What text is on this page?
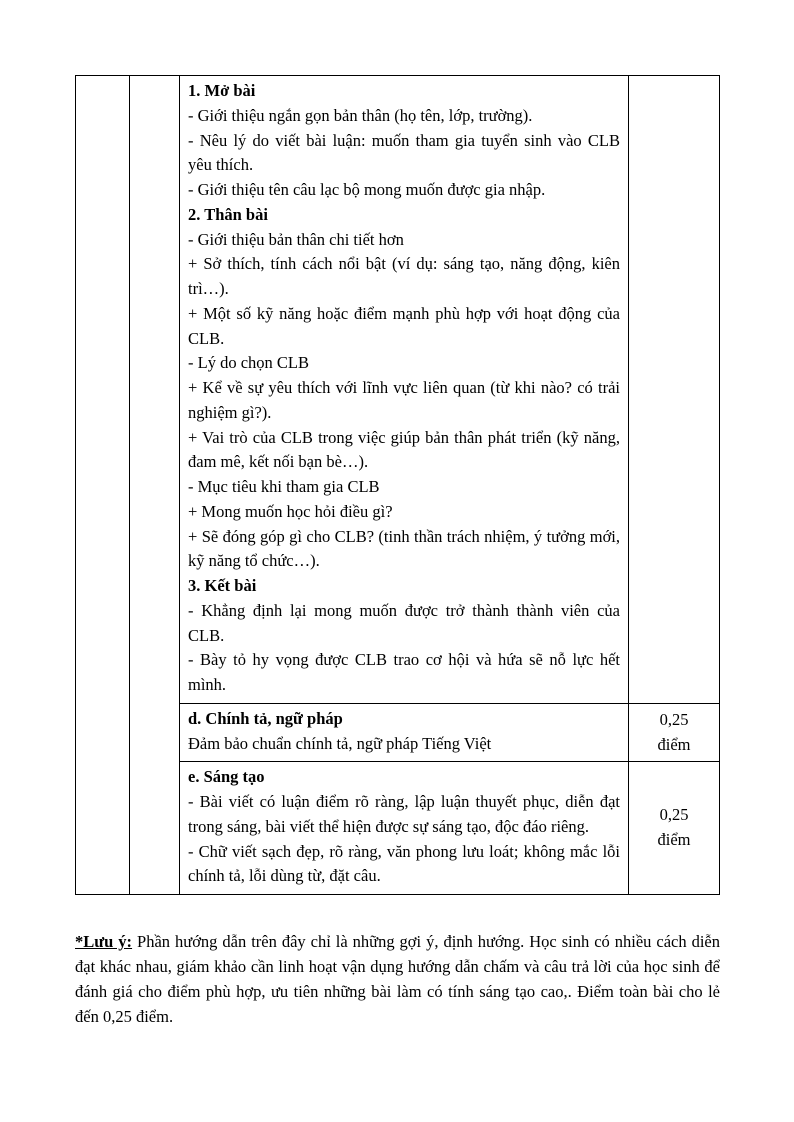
1. Mở bài

- Giới thiệu ngắn gọn bản thân (họ tên, lớp, trường).

- Nêu lý do viết bài luận: muốn tham gia tuyển sinh vào CLB yêu thích.

- Giới thiệu tên câu lạc bộ mong muốn được gia nhập.

2. Thân bài

- Giới thiệu bản thân chi tiết hơn

+ Sở thích, tính cách nổi bật (ví dụ: sáng tạo, năng động, kiên trì…).

+ Một số kỹ năng hoặc điểm mạnh phù hợp với hoạt động của CLB.

- Lý do chọn CLB

+ Kể về sự yêu thích với lĩnh vực liên quan (từ khi nào? có trải nghiệm gì?).

+ Vai trò của CLB trong việc giúp bản thân phát triển (kỹ năng, đam mê, kết nối bạn bè…).

- Mục tiêu khi tham gia CLB

+ Mong muốn học hỏi điều gì?

+ Sẽ đóng góp gì cho CLB? (tinh thần trách nhiệm, ý tưởng mới, kỹ năng tổ chức…).

3. Kết bài

- Khẳng định lại mong muốn được trở thành thành viên của CLB.

- Bày tỏ hy vọng được CLB trao cơ hội và hứa sẽ nỗ lực hết mình.

d. Chính tả, ngữ pháp

Đảm bảo chuẩn chính tả, ngữ pháp Tiếng Việt

0,25
điểm

e. Sáng tạo

- Bài viết có luận điểm rõ ràng, lập luận thuyết phục, diễn đạt trong sáng, bài viết thể hiện được sự sáng tạo, độc đáo riêng.

- Chữ viết sạch đẹp, rõ ràng, văn phong lưu loát; không mắc lỗi chính tả, lỗi dùng từ, đặt câu.

0,25
điểm

*Lưu ý: Phần hướng dẫn trên đây chỉ là những gợi ý, định hướng. Học sinh có nhiều cách diễn đạt khác nhau, giám khảo cần linh hoạt vận dụng hướng dẫn chấm và câu trả lời của học sinh để đánh giá cho điểm phù hợp, ưu tiên những bài làm có tính sáng tạo cao,. Điểm toàn bài cho lẻ đến 0,25 điểm.
